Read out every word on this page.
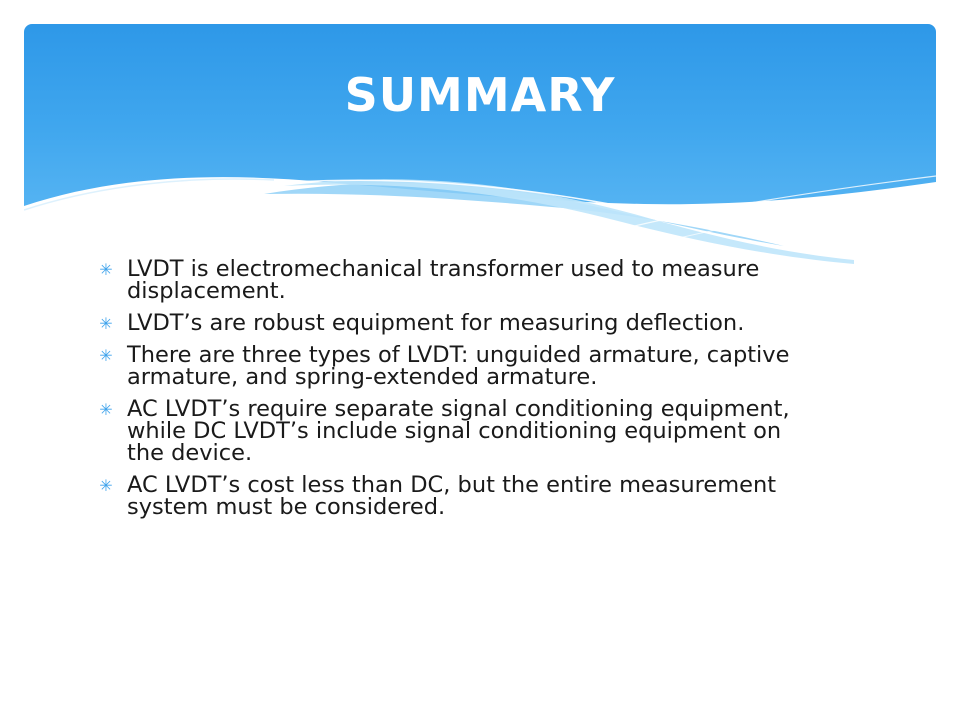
SUMMARY
✳ LVDT is electromechanical transformer used to measure displacement.
✳ LVDT’s are robust equipment for measuring deflection.
✳ There are three types of LVDT: unguided armature, captive armature, and spring-extended armature.
✳ AC LVDT’s require separate signal conditioning equipment, while DC LVDT’s include signal conditioning equipment on the device.
✳ AC LVDT’s cost less than DC, but the entire measurement system must be considered.
